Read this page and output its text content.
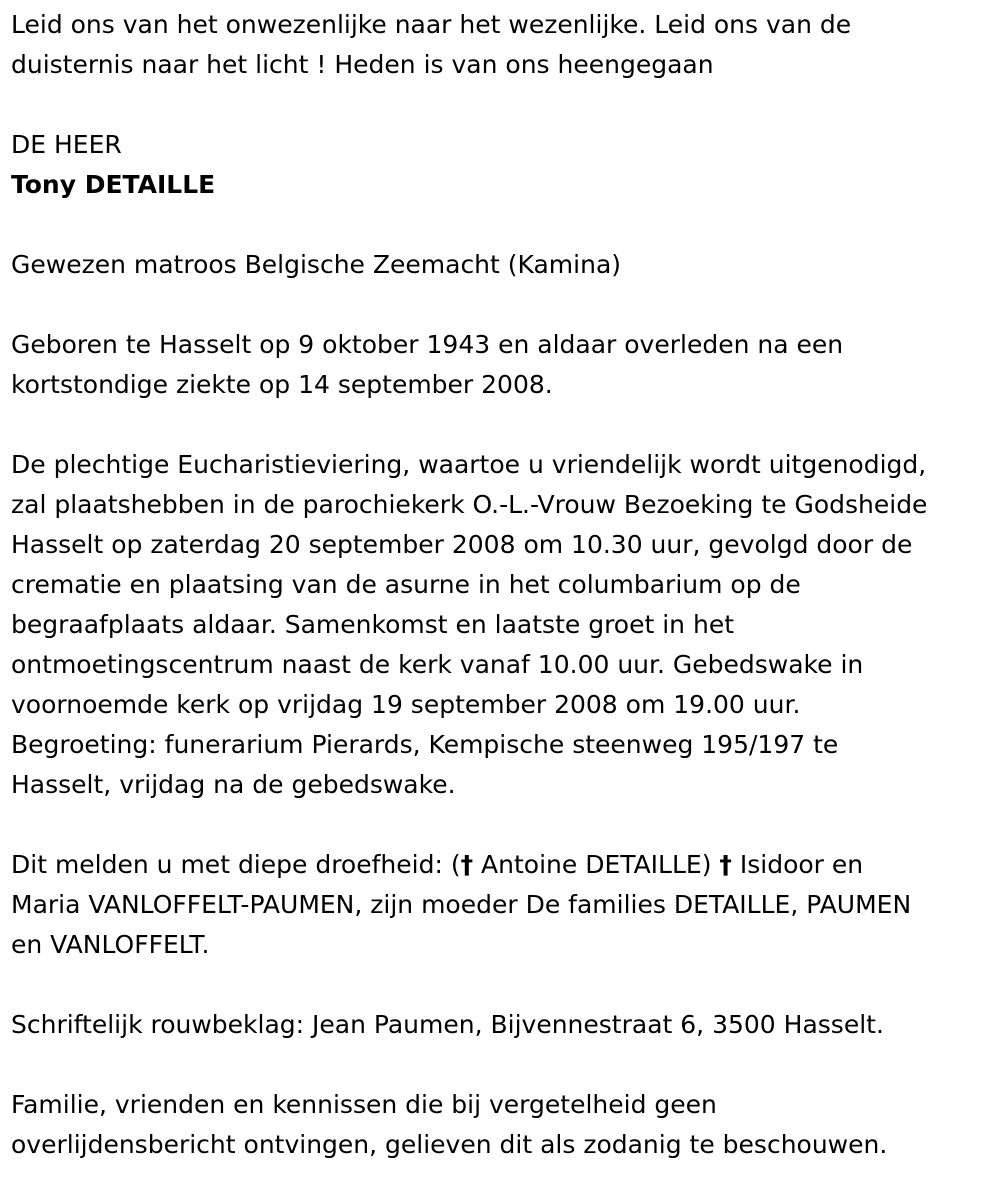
Leid ons van het onwezenlijke naar het wezenlijke. Leid ons van de
duisternis naar het licht ! Heden is van ons heengegaan
DE HEER
Tony DETAILLE
Gewezen matroos Belgische Zeemacht (Kamina)
Geboren te Hasselt op 9 oktober 1943 en aldaar overleden na een
kortstondige ziekte op 14 september 2008.
De plechtige Eucharistieviering, waartoe u vriendelijk wordt uitgenodigd,
zal plaatshebben in de parochiekerk O.-L.-Vrouw Bezoeking te Godsheide
Hasselt op zaterdag 20 september 2008 om 10.30 uur, gevolgd door de
crematie en plaatsing van de asurne in het columbarium op de
begraafplaats aldaar. Samenkomst en laatste groet in het
ontmoetingscentrum naast de kerk vanaf 10.00 uur. Gebedswake in
voornoemde kerk op vrijdag 19 september 2008 om 19.00 uur.
Begroeting: funerarium Pierards, Kempische steenweg 195/197 te
Hasselt, vrijdag na de gebedswake.
Dit melden u met diepe droefheid: († Antoine DETAILLE) † Isidoor en
Maria VANLOFFELT-PAUMEN, zijn moeder De families DETAILLE, PAUMEN
en VANLOFFELT.
Schriftelijk rouwbeklag: Jean Paumen, Bijvennestraat 6, 3500 Hasselt.
Familie, vrienden en kennissen die bij vergetelheid geen
overlijdensbericht ontvingen, gelieven dit als zodanig te beschouwen.
